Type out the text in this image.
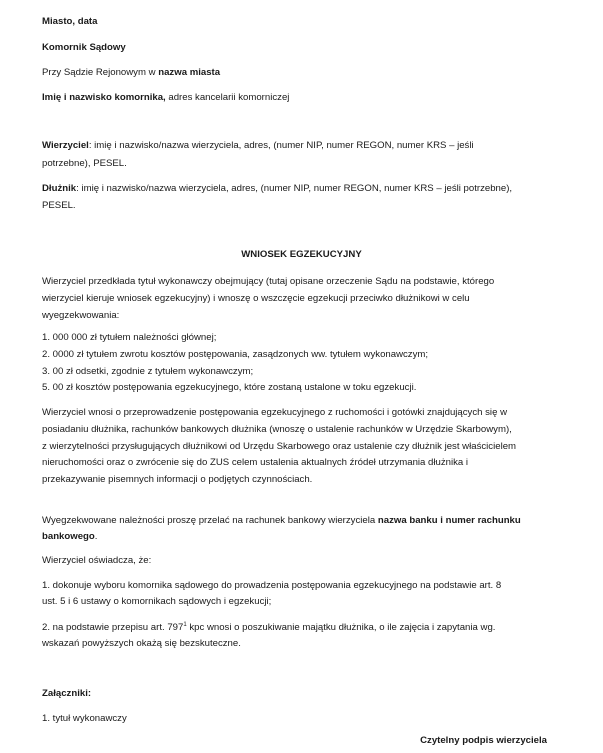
Miasto, data
Komornik Sądowy
Przy Sądzie Rejonowym w nazwa miasta
Imię i nazwisko komornika, adres kancelarii komorniczej
Wierzyciel: imię i nazwisko/nazwa wierzyciela, adres, (numer NIP, numer REGON, numer KRS – jeśli
potrzebne), PESEL.
Dłużnik: imię i nazwisko/nazwa wierzyciela, adres, (numer NIP, numer REGON, numer KRS – jeśli potrzebne),
PESEL.
WNIOSEK EGZEKUCYJNY
Wierzyciel przedkłada tytuł wykonawczy obejmujący (tutaj opisane orzeczenie Sądu na podstawie, którego
wierzyciel kieruje wniosek egzekucyjny) i wnoszę o wszczęcie egzekucji przeciwko dłużnikowi w celu
wyegzekwowania:
1. 000 000 zł tytułem należności głównej;
2. 0000 zł tytułem zwrotu kosztów postępowania, zasądzonych ww. tytułem wykonawczym;
3. 00 zł odsetki, zgodnie z tytułem wykonawczym;
5. 00 zł kosztów postępowania egzekucyjnego, które zostaną ustalone w toku egzekucji.
Wierzyciel wnosi o przeprowadzenie postępowania egzekucyjnego z ruchomości i gotówki znajdujących się w
posiadaniu dłużnika, rachunków bankowych dłużnika (wnoszę o ustalenie rachunków w Urzędzie Skarbowym),
z wierzytelności przysługujących dłużnikowi od Urzędu Skarbowego oraz ustalenie czy dłużnik jest właścicielem
nieruchomości oraz o zwrócenie się do ZUS celem ustalenia aktualnych źródeł utrzymania dłużnika i
przekazywanie pisemnych informacji o podjętych czynnościach.
Wyegzekwowane należności proszę przelać na rachunek bankowy wierzyciela nazwa banku i numer rachunku
bankowego.
Wierzyciel oświadcza, że:
1. dokonuje wyboru komornika sądowego do prowadzenia postępowania egzekucyjnego na podstawie art. 8
ust. 5 i 6 ustawy o komornikach sądowych i egzekucji;
2. na podstawie przepisu art. $797^1$ kpc wnosi o poszukiwanie majątku dłużnika, o ile zajęcia i zapytania wg.
wskazań powyższych okażą się bezskuteczne.
Załączniki:
1. tytuł wykonawczy
Czytelny podpis wierzyciela
